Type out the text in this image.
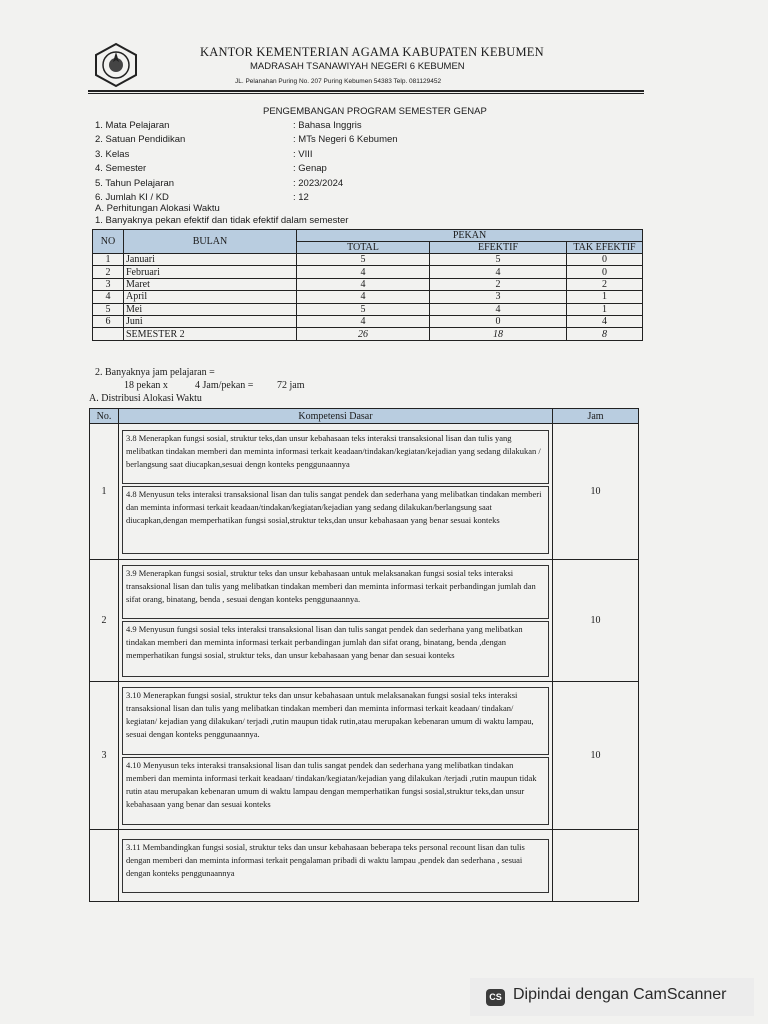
KANTOR KEMENTERIAN AGAMA KABUPATEN KEBUMEN
MADRASAH TSANAWIYAH NEGERI 6 KEBUMEN
JL. Pelanahan Puring No. 207 Puring Kebumen 54383 Telp. 081129452
PENGEMBANGAN PROGRAM SEMESTER GENAP
1. Mata Pelajaran	: Bahasa Inggris
2. Satuan Pendidikan	: MTs Negeri 6 Kebumen
3. Kelas	: VIII
4. Semester	: Genap
5. Tahun Pelajaran	: 2023/2024
6. Jumlah KI / KD	: 12
A. Perhitungan Alokasi Waktu
1. Banyaknya pekan efektif dan tidak efektif dalam semester
NO	BULAN	PEKAN		
		TOTAL	EFEKTIF	TAK EFEKTIF
1	Januari	5	5	0
2	Februari	4	4	0
3	Maret	4	2	2
4	April	4	3	1
5	Mei	5	4	1
6	Juni	4	0	4
	SEMESTER 2	26	18	8
2. Banyaknya jam pelajaran =
18 pekan x	4 Jam/pekan = 72 jam
A. Distribusi Alokasi Waktu
No.	Kompetensi Dasar	Jam
1	3.8 Menerapkan fungsi sosial, struktur teks,dan unsur kebahasaan teks interaksi transaksional lisan dan tulis yang melibatkan tindakan memberi dan meminta informasi terkait keadaan/tindakan/kegiatan/kejadian yang sedang dilakukan / berlangsung saat diucapkan,sesuai dengn konteks penggunaannya
4.8 Menyusun teks interaksi transaksional lisan dan tulis sangat pendek dan sederhana yang melibatkan tindakan memberi dan meminta informasi terkait keadaan/tindakan/kegiatan/kejadian yang sedang dilakukan/berlangsung saat diucapkan,dengan memperhatikan fungsi sosial,struktur teks,dan unsur kebahasaan yang benar sesuai konteks	10
2	3.9 Menerapkan fungsi sosial, struktur teks dan unsur kebahasaan untuk melaksanakan fungsi sosial teks interaksi transaksional lisan dan tulis yang melibatkan tindakan memberi dan meminta informasi terkait perbandingan jumlah dan sifat orang, binatang, benda , sesuai dengan konteks penggunaannya.
4.9 Menyusun fungsi sosial teks interaksi transaksional lisan dan tulis sangat pendek dan sederhana yang melibatkan tindakan memberi dan meminta informasi terkait perbandingan jumlah dan sifat orang, binatang, benda ,dengan memperhatikan fungsi sosial, struktur teks, dan unsur kebahasaan yang benar dan sesuai konteks	10
3	3.10 Menerapkan fungsi sosial, struktur teks dan unsur kebahasaan untuk melaksanakan fungsi sosial teks interaksi transaksional lisan dan tulis yang melibatkan tindakan memberi dan meminta informasi terkait keadaan/ tindakan/ kegiatan/ kejadian yang dilakukan/ terjadi ,rutin maupun tidak rutin,atau merupakan kebenaran umum di waktu lampau, sesuai dengan konteks penggunaannya.
4.10 Menyusun teks interaksi transaksional lisan dan tulis sangat pendek dan sederhana yang melibatkan tindakan memberi dan meminta informasi terkait keadaan/ tindakan/kegiatan/kejadian yang dilakukan /terjadi ,rutin maupun tidak rutin atau merupakan kebenaran umum di waktu lampau dengan memperhatikan fungsi sosial,struktur teks,dan unsur kebahasaan yang benar dan sesuai konteks	10

	3.11 Membandingkan fungsi sosial, struktur teks dan unsur kebahasaan beberapa teks personal recount lisan dan tulis dengan memberi dan meminta informasi terkait pengalaman pribadi di waktu lampau ,pendek dan sederhana , sesuai dengan konteks penggunaannya	

CS Dipindai dengan CamScanner
